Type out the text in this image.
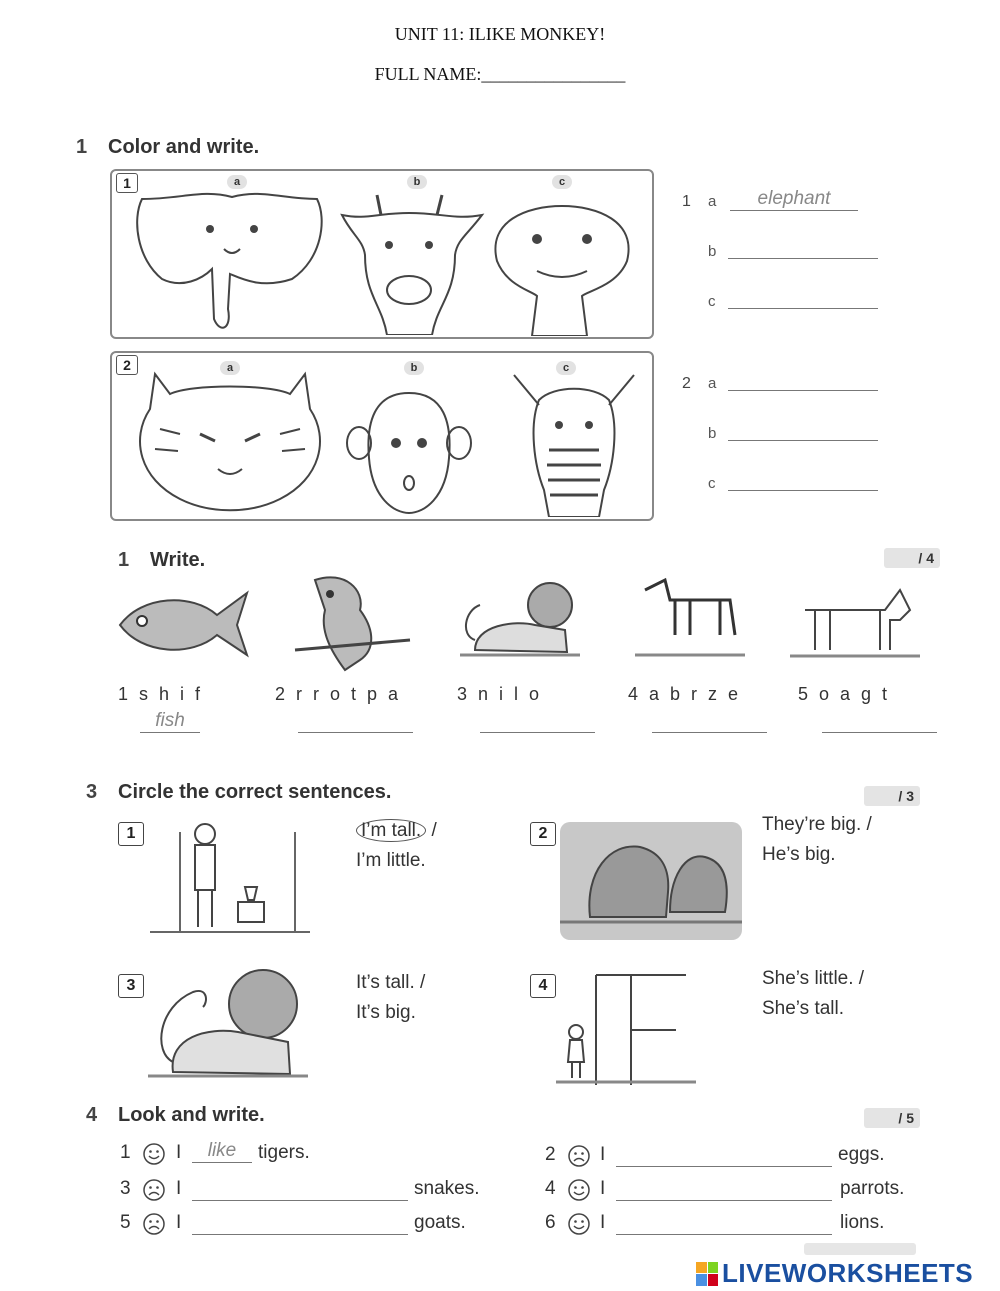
UNIT 11: ILIKE MONKEY!
FULL NAME:________________
1 Color and write.
1	a	b	c
1 a	elephant
b
c
2	a	b	c
2 a
b
c
1 Write.	/ 4
1 s h i f
fish
2 r r o t p a	3 n i l o	4 a b r z e	5 o a g t
3 Circle the correct sentences.	/ 3
1	I’m tall. /
I’m little.
2	They’re big. /
He’s big.
3	It’s tall. /
It’s big.
4	She’s little. /
She’s tall.
4 Look and write.	/ 5
1 I	like	tigers.	2 I	eggs.
3 I	snakes.	4 I	parrots.
5 I	goats.	6 I	lions.
LIVEWORKSHEETS
